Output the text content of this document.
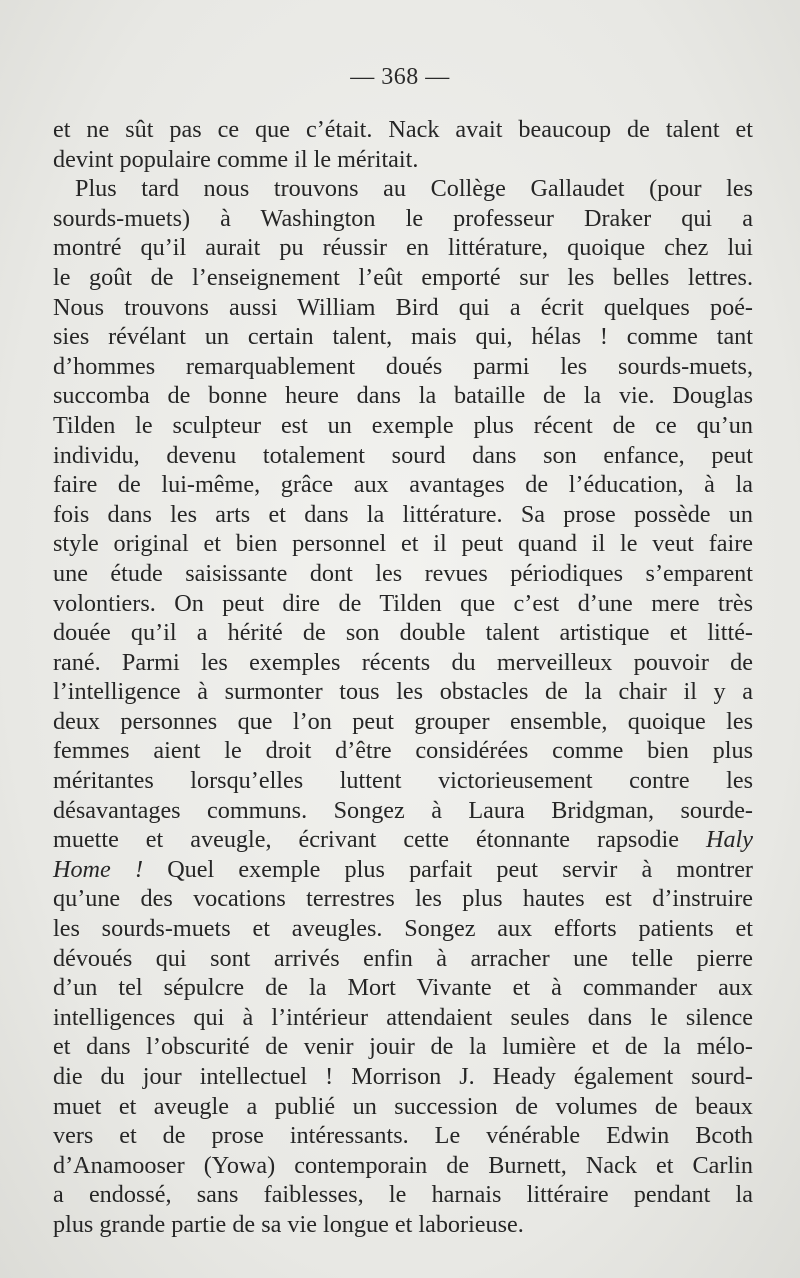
— 368 —
et ne sût pas ce que c’était. Nack avait beaucoup de talent et
devint populaire comme il le méritait.
Plus tard nous trouvons au Collège Gallaudet (pour les
sourds-muets) à Washington le professeur Draker qui a
montré qu’il aurait pu réussir en littérature, quoique chez lui
le goût de l’enseignement l’eût emporté sur les belles lettres.
Nous trouvons aussi William Bird qui a écrit quelques poé-
sies révélant un certain talent, mais qui, hélas ! comme tant
d’hommes remarquablement doués parmi les sourds-muets,
succomba de bonne heure dans la bataille de la vie. Douglas
Tilden le sculpteur est un exemple plus récent de ce qu’un
individu, devenu totalement sourd dans son enfance, peut
faire de lui-même, grâce aux avantages de l’éducation, à la
fois dans les arts et dans la littérature. Sa prose possède un
style original et bien personnel et il peut quand il le veut faire
une étude saisissante dont les revues périodiques s’emparent
volontiers. On peut dire de Tilden que c’est d’une mere très
douée qu’il a hérité de son double talent artistique et litté-
rané. Parmi les exemples récents du merveilleux pouvoir de
l’intelligence à surmonter tous les obstacles de la chair il y a
deux personnes que l’on peut grouper ensemble, quoique les
femmes aient le droit d’être considérées comme bien plus
méritantes lorsqu’elles luttent victorieusement contre les
désavantages communs. Songez à Laura Bridgman, sourde-
muette et aveugle, écrivant cette étonnante rapsodie Haly
Home ! Quel exemple plus parfait peut servir à montrer
qu’une des vocations terrestres les plus hautes est d’instruire
les sourds-muets et aveugles. Songez aux efforts patients et
dévoués qui sont arrivés enfin à arracher une telle pierre
d’un tel sépulcre de la Mort Vivante et à commander aux
intelligences qui à l’intérieur attendaient seules dans le silence
et dans l’obscurité de venir jouir de la lumière et de la mélo-
die du jour intellectuel ! Morrison J. Heady également sourd-
muet et aveugle a publié un succession de volumes de beaux
vers et de prose intéressants. Le vénérable Edwin Bcoth
d’Anamooser (Yowa) contemporain de Burnett, Nack et Carlin
a endossé, sans faiblesses, le harnais littéraire pendant la
plus grande partie de sa vie longue et laborieuse.
